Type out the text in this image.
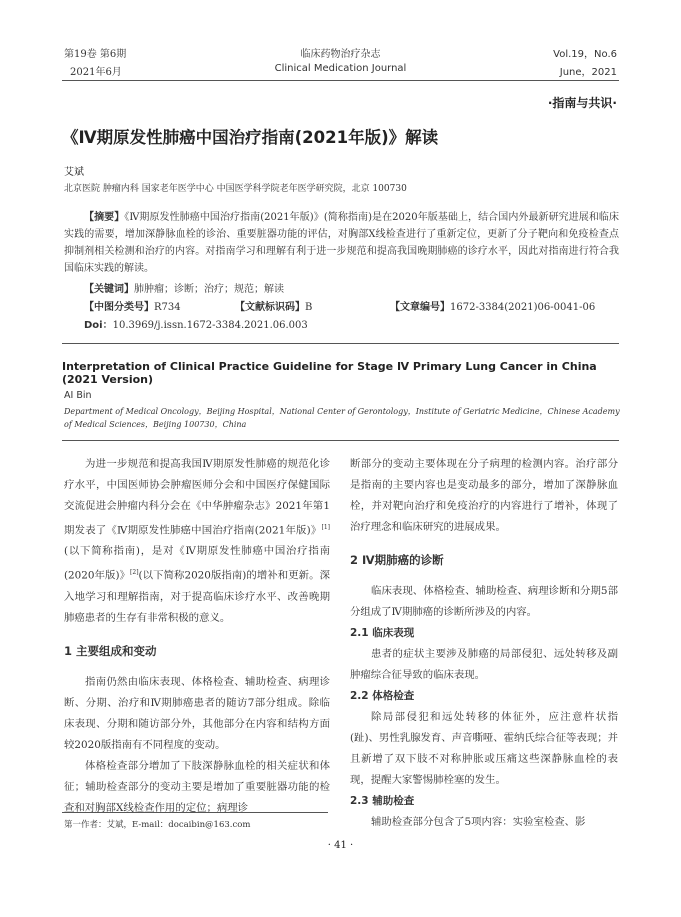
第19卷 第6期
2021年6月
临床药物治疗杂志
Clinical Medication Journal
Vol.19，No.6
June，2021
·指南与共识·
《Ⅳ期原发性肺癌中国治疗指南(2021年版)》解读
艾斌
北京医院 肿瘤内科 国家老年医学中心 中国医学科学院老年医学研究院，北京 100730
【摘要】《Ⅳ期原发性肺癌中国治疗指南(2021年版)》(简称指南)是在2020年版基础上，结合国内外最新研究进展和临床实践的需要，增加深静脉血栓的诊治、重要脏器功能的评估，对胸部X线检查进行了重新定位，更新了分子靶向和免疫检查点抑制剂相关检测和治疗的内容。对指南学习和理解有利于进一步规范和提高我国晚期肺癌的诊疗水平，因此对指南进行符合我国临床实践的解读。
【关键词】肺肿瘤；诊断；治疗；规范；解读
【中图分类号】R734	【文献标识码】B	【文章编号】1672-3384(2021)06-0041-06
Doi：10.3969/j.issn.1672-3384.2021.06.003
Interpretation of Clinical Practice Guideline for Stage Ⅳ Primary Lung Cancer in China (2021 Version)
AI Bin
Department of Medical Oncology，Beijing Hospital，National Center of Gerontology，Institute of Geriatric Medicine，Chinese Academy of Medical Sciences，Beijing 100730，China

为进一步规范和提高我国Ⅳ期原发性肺癌的规范化诊疗水平，中国医师协会肿瘤医师分会和中国医疗保健国际交流促进会肿瘤内科分会在《中华肿瘤杂志》2021年第1期发表了《Ⅳ期原发性肺癌中国治疗指南(2021年版)》[1](以下简称指南)，是对《Ⅳ期原发性肺癌中国治疗指南(2020年版)》[2](以下简称2020版指南)的增补和更新。深入地学习和理解指南，对于提高临床诊疗水平、改善晚期肺癌患者的生存有非常积极的意义。

1 主要组成和变动

指南仍然由临床表现、体格检查、辅助检查、病理诊断、分期、治疗和Ⅳ期肺癌患者的随访7部分组成。除临床表现、分期和随访部分外，其他部分在内容和结构方面较2020版指南有不同程度的变动。

体格检查部分增加了下肢深静脉血栓的相关症状和体征；辅助检查部分的变动主要是增加了重要脏器功能的检查和对胸部X线检查作用的定位；病理诊

断部分的变动主要体现在分子病理的检测内容。治疗部分是指南的主要内容也是变动最多的部分，增加了深静脉血栓，并对靶向治疗和免疫治疗的内容进行了增补，体现了治疗理念和临床研究的进展成果。

2 Ⅳ期肺癌的诊断

临床表现、体格检查、辅助检查、病理诊断和分期5部分组成了Ⅳ期肺癌的诊断所涉及的内容。

2.1 临床表现

患者的症状主要涉及肺癌的局部侵犯、远处转移及副肿瘤综合征导致的临床表现。

2.2 体格检查

除局部侵犯和远处转移的体征外，应注意杵状指(趾)、男性乳腺发育、声音嘶哑、霍纳氏综合征等表现；并且新增了双下肢不对称肿胀或压痛这些深静脉血栓的表现，提醒大家警惕肺栓塞的发生。

2.3 辅助检查

辅助检查部分包含了5项内容：实验室检查、影

第一作者：艾斌，E-mail：docaibin@163.com
· 41 ·
